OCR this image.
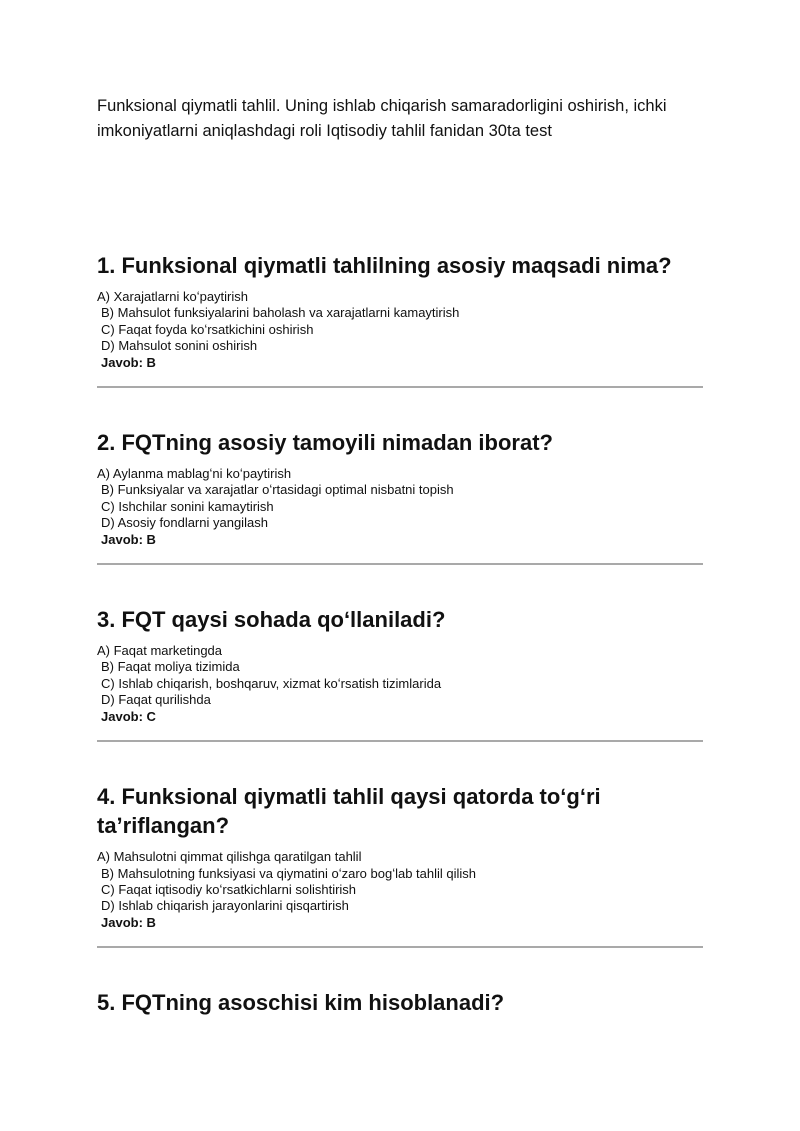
Funksional qiymatli tahlil. Uning ishlab chiqarish samaradorligini oshirish, ichki imkoniyatlarni aniqlashdagi roli Iqtisodiy tahlil fanidan 30ta test

1. Funksional qiymatli tahlilning asosiy maqsadi nima?
A) Xarajatlarni koʻpaytirish
B) Mahsulot funksiyalarini baholash va xarajatlarni kamaytirish
C) Faqat foyda koʻrsatkichini oshirish
D) Mahsulot sonini oshirish
Javob: B
2. FQTning asosiy tamoyili nimadan iborat?
A) Aylanma mablagʻni koʻpaytirish
B) Funksiyalar va xarajatlar oʻrtasidagi optimal nisbatni topish
C) Ishchilar sonini kamaytirish
D) Asosiy fondlarni yangilash
Javob: B
3. FQT qaysi sohada qoʻllaniladi?
A) Faqat marketingda
B) Faqat moliya tizimida
C) Ishlab chiqarish, boshqaruv, xizmat koʻrsatish tizimlarida
D) Faqat qurilishda
Javob: C
4. Funksional qiymatli tahlil qaysi qatorda toʻgʻri taʼriflangan?
A) Mahsulotni qimmat qilishga qaratilgan tahlil
B) Mahsulotning funksiyasi va qiymatini oʻzaro bogʻlab tahlil qilish
C) Faqat iqtisodiy koʻrsatkichlarni solishtirish
D) Ishlab chiqarish jarayonlarini qisqartirish
Javob: B
5. FQTning asoschisi kim hisoblanadi?
